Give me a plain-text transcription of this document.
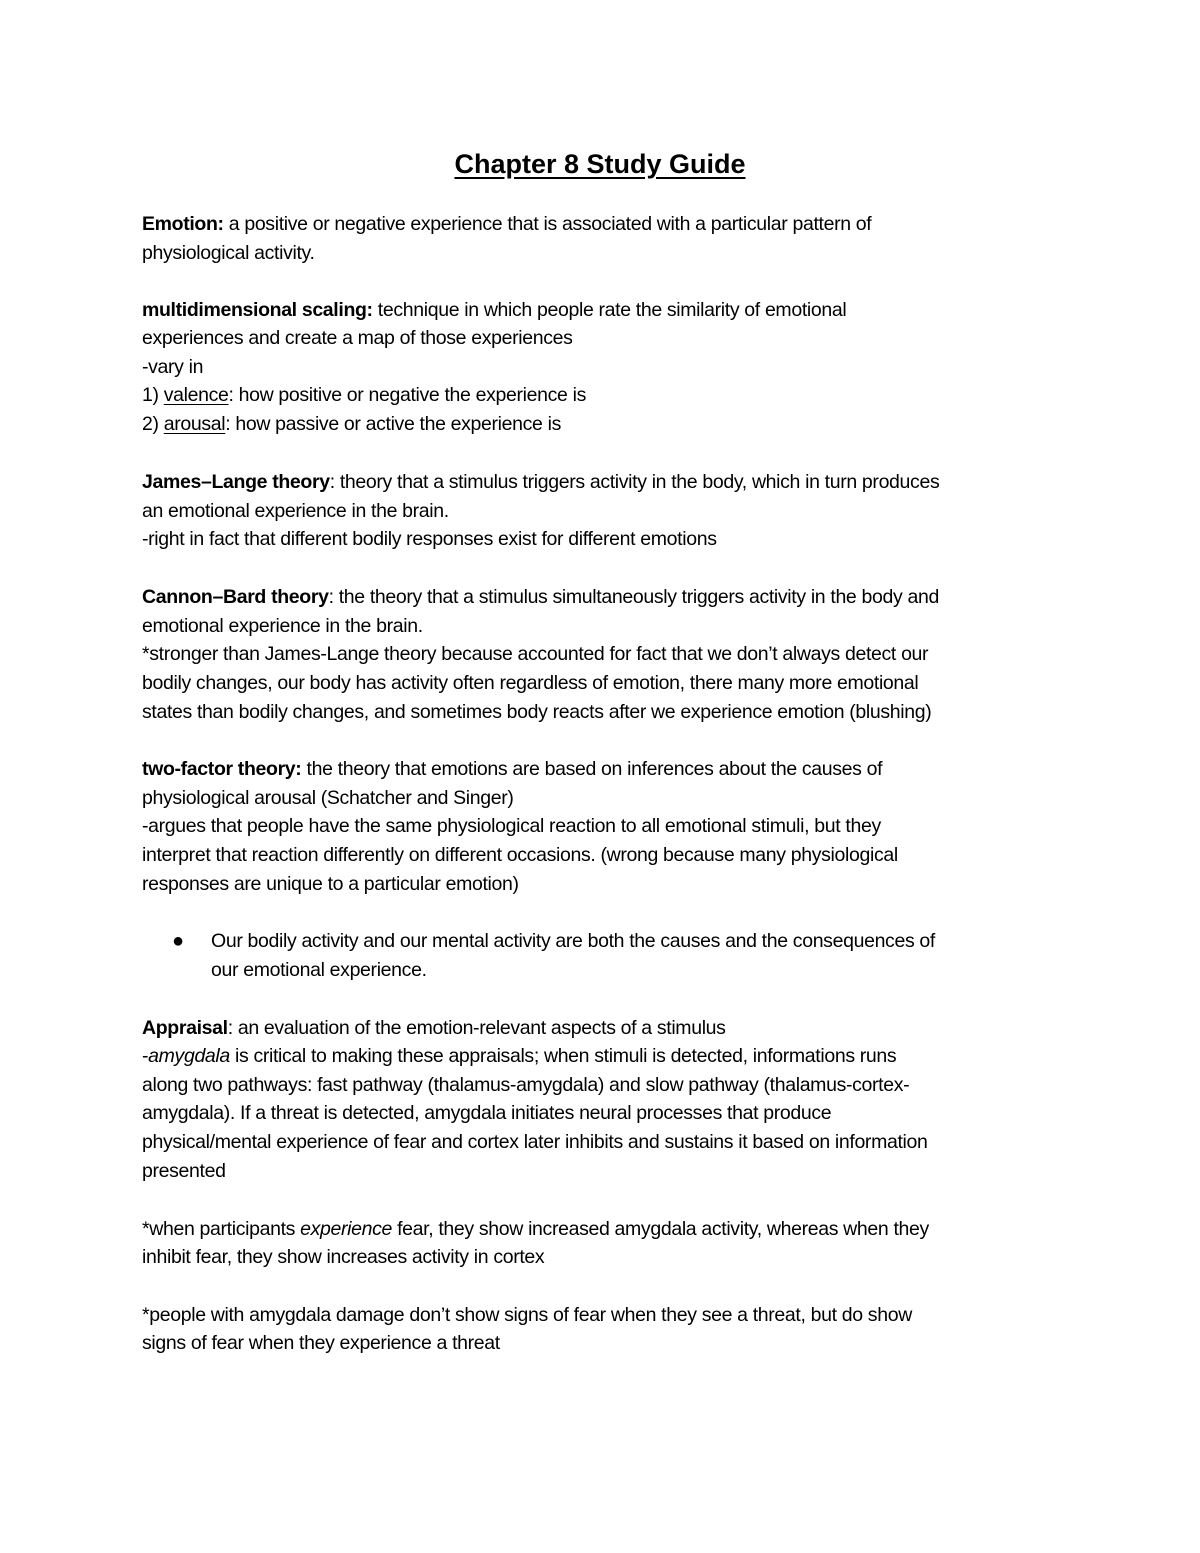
Chapter 8 Study Guide
Emotion: a positive or negative experience that is associated with a particular pattern of
physiological activity.
multidimensional scaling: technique in which people rate the similarity of emotional
experiences and create a map of those experiences
-vary in
1) valence: how positive or negative the experience is
2) arousal: how passive or active the experience is
James–Lange theory: theory that a stimulus triggers activity in the body, which in turn produces
an emotional experience in the brain.
-right in fact that different bodily responses exist for different emotions
Cannon–Bard theory: the theory that a stimulus simultaneously triggers activity in the body and
emotional experience in the brain.
*stronger than James-Lange theory because accounted for fact that we don’t always detect our
bodily changes, our body has activity often regardless of emotion, there many more emotional
states than bodily changes, and sometimes body reacts after we experience emotion (blushing)
two-factor theory: the theory that emotions are based on inferences about the causes of
physiological arousal (Schatcher and Singer)
-argues that people have the same physiological reaction to all emotional stimuli, but they
interpret that reaction differently on different occasions. (wrong because many physiological
responses are unique to a particular emotion)
● Our bodily activity and our mental activity are both the causes and the consequences of
our emotional experience.
Appraisal: an evaluation of the emotion-relevant aspects of a stimulus
-amygdala is critical to making these appraisals; when stimuli is detected, informations runs
along two pathways: fast pathway (thalamus-amygdala) and slow pathway (thalamus-cortex-
amygdala). If a threat is detected, amygdala initiates neural processes that produce
physical/mental experience of fear and cortex later inhibits and sustains it based on information
presented
*when participants experience fear, they show increased amygdala activity, whereas when they
inhibit fear, they show increases activity in cortex
*people with amygdala damage don’t show signs of fear when they see a threat, but do show
signs of fear when they experience a threat
